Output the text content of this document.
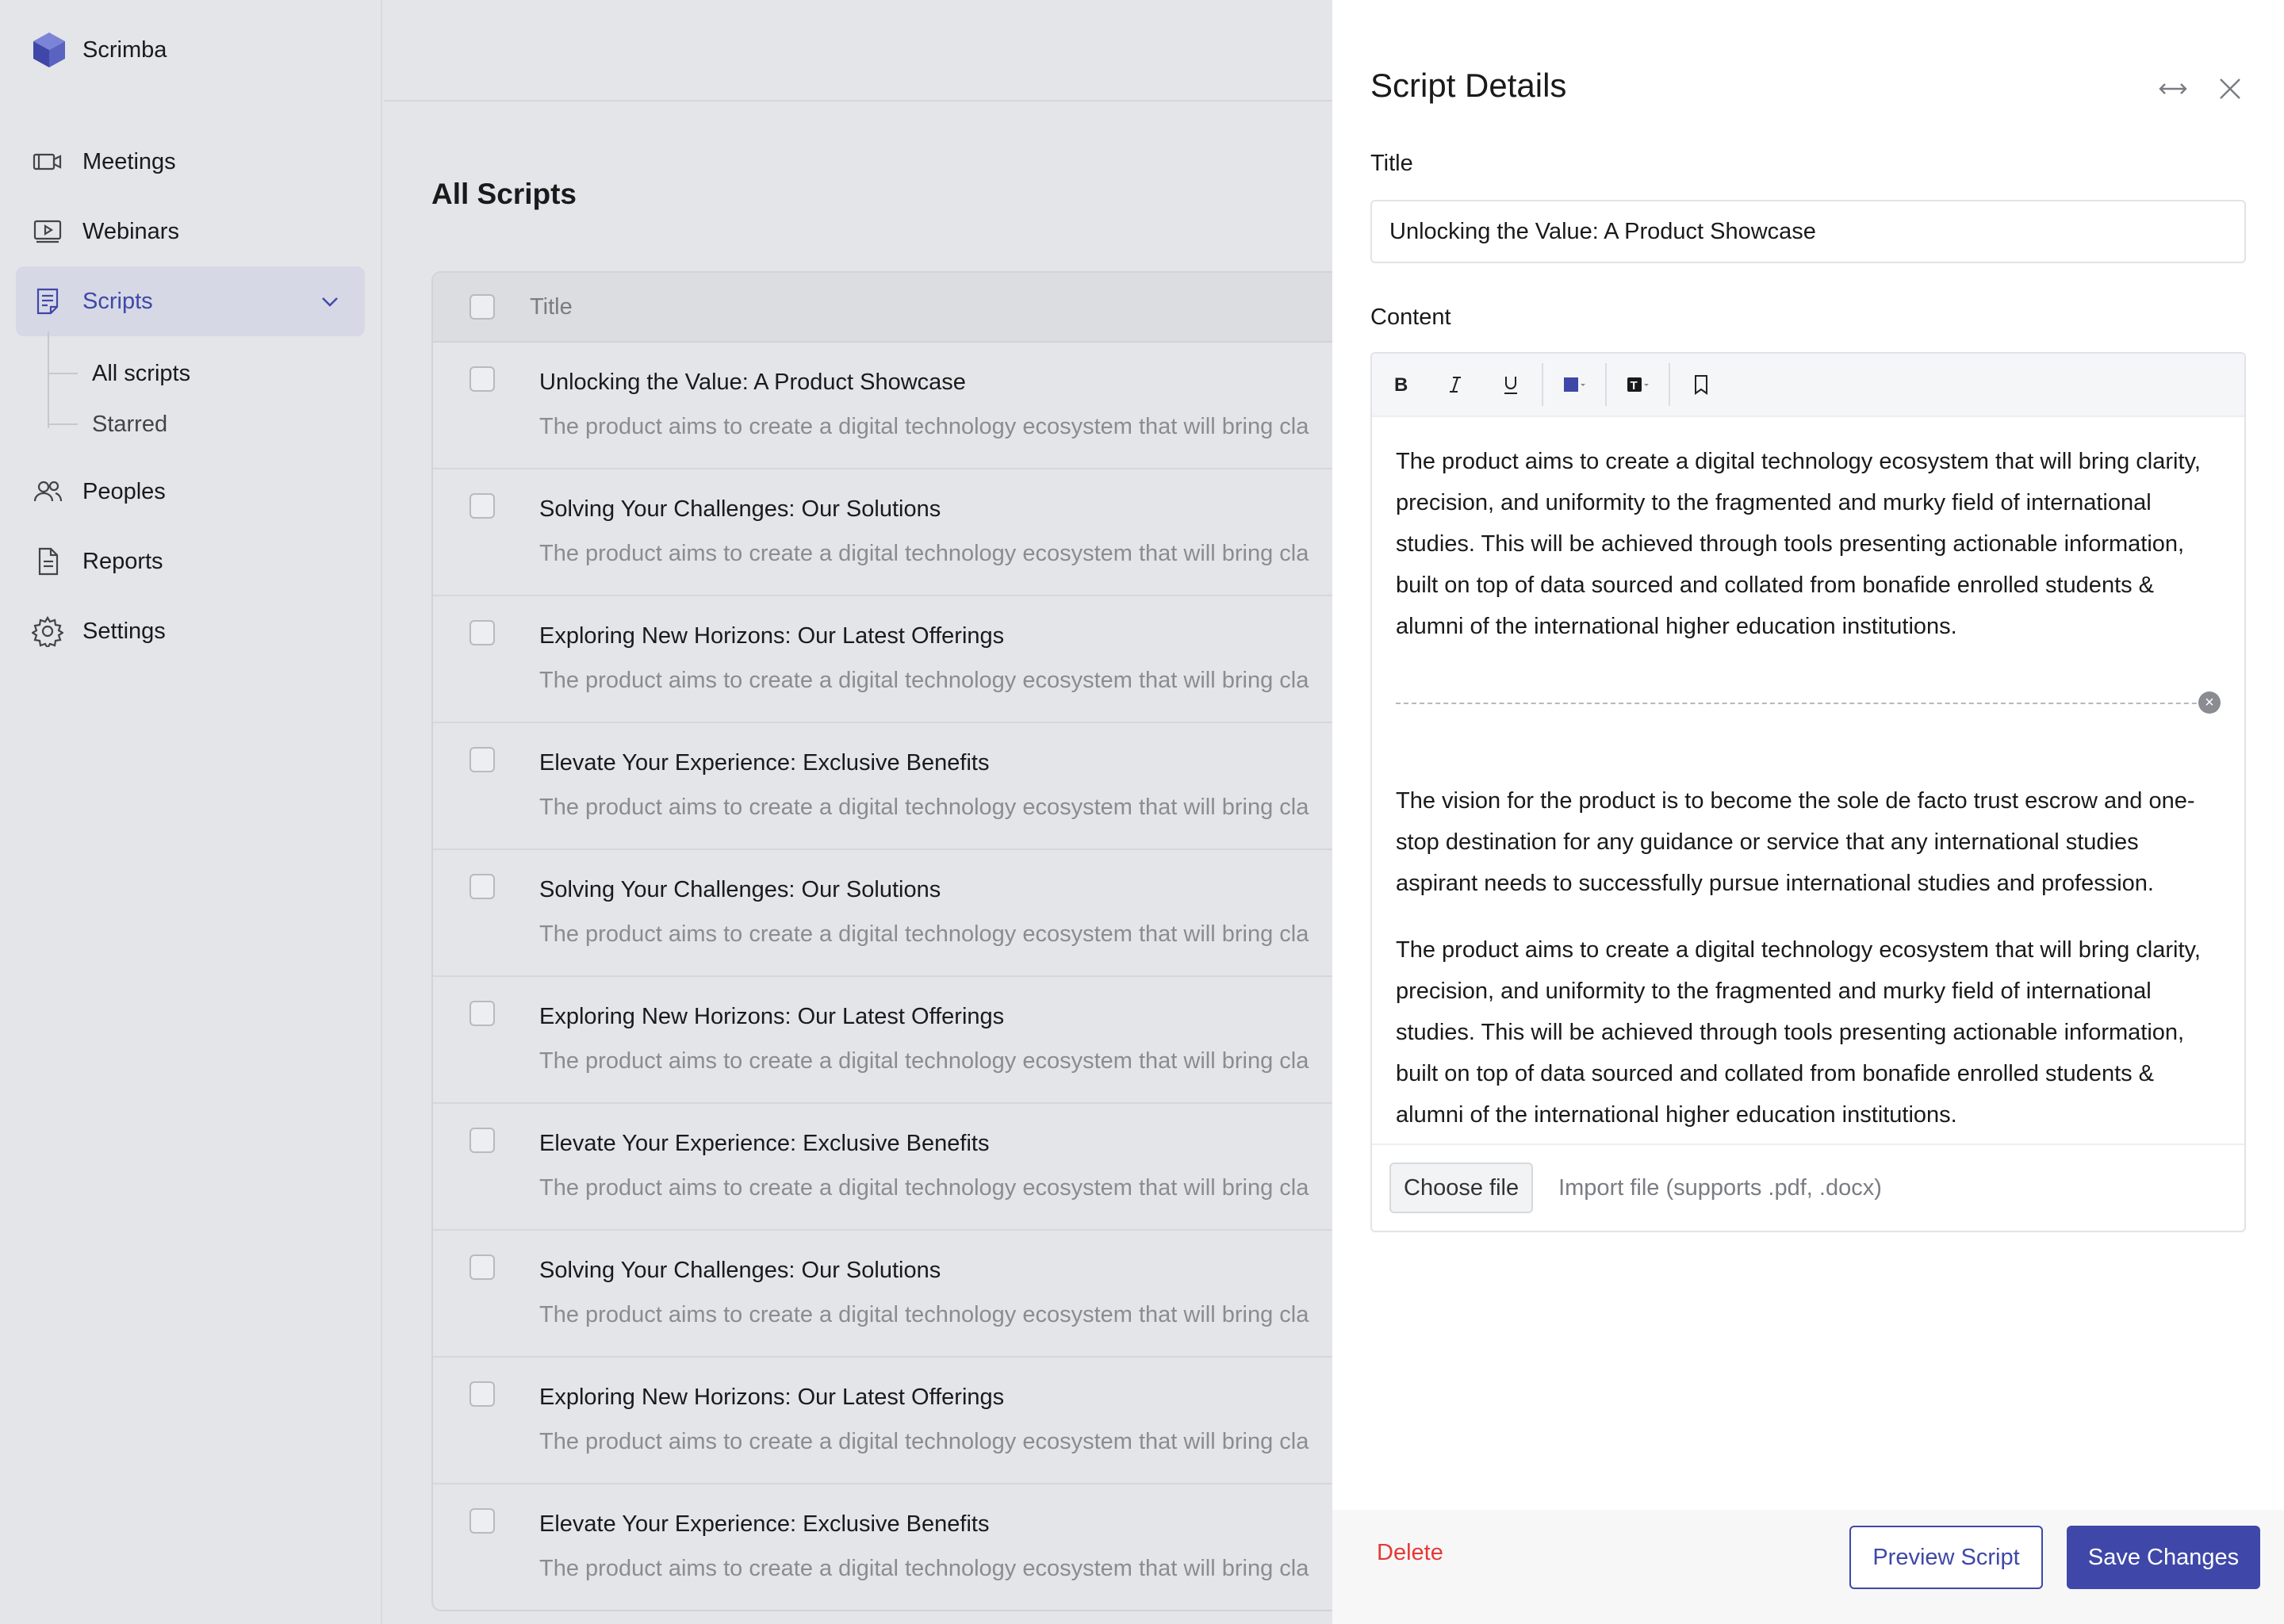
Scrimba
Meetings
Webinars
Scripts
All scripts
Starred
Peoples
Reports
Settings
All Scripts
Title
Unlocking the Value: A Product Showcase
The product aims to create a digital technology ecosystem that will bring cla
Solving Your Challenges: Our Solutions
The product aims to create a digital technology ecosystem that will bring cla
Exploring New Horizons: Our Latest Offerings
The product aims to create a digital technology ecosystem that will bring cla
Elevate Your Experience: Exclusive Benefits
The product aims to create a digital technology ecosystem that will bring cla
Solving Your Challenges: Our Solutions
The product aims to create a digital technology ecosystem that will bring cla
Exploring New Horizons: Our Latest Offerings
The product aims to create a digital technology ecosystem that will bring cla
Elevate Your Experience: Exclusive Benefits
The product aims to create a digital technology ecosystem that will bring cla
Solving Your Challenges: Our Solutions
The product aims to create a digital technology ecosystem that will bring cla
Exploring New Horizons: Our Latest Offerings
The product aims to create a digital technology ecosystem that will bring cla
Elevate Your Experience: Exclusive Benefits
The product aims to create a digital technology ecosystem that will bring cla
Script Details
Title
Unlocking the Value: A Product Showcase
Content
B	T

The product aims to create a digital technology ecosystem that will bring clarity, precision, and uniformity to the fragmented and murky field of international studies. This will be achieved through tools presenting actionable information, built on top of data sourced and collated from bonafide enrolled students & alumni of the international higher education institutions.

×

The vision for the product is to become the sole de facto trust escrow and one-stop destination for any guidance or service that any international studies aspirant needs to successfully pursue international studies and profession.

The product aims to create a digital technology ecosystem that will bring clarity, precision, and uniformity to the fragmented and murky field of international studies. This will be achieved through tools presenting actionable information, built on top of data sourced and collated from bonafide enrolled students & alumni of the international higher education institutions.

Choose file	Import file (supports .pdf, .docx)
Delete	Preview Script	Save Changes
